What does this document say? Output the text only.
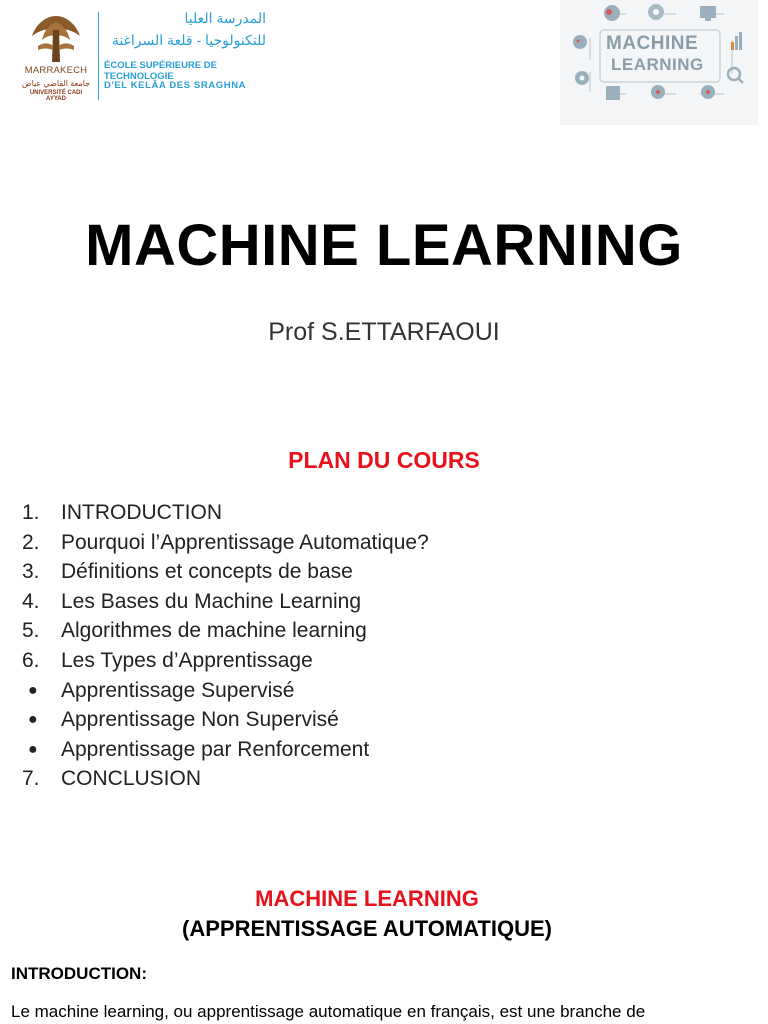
MARRAKECH
جامعة القاضي عياض
UNIVERSITÉ CADI AYYAD
المدرسة العليا
للتكنولوجيا - قلعة السراغنة
ÉCOLE SUPÉRIEURE DE TECHNOLOGIE
D'EL KELÂA DES SRAGHNA
MACHINE
LEARNING
MACHINE LEARNING
Prof S.ETTARFAOUI
PLAN DU COURS
1.	INTRODUCTION
2.	Pourquoi l’Apprentissage Automatique?
3.	Définitions et concepts de base
4.	Les Bases du Machine Learning
5.	Algorithmes de machine learning
6.	Les Types d’Apprentissage
● Apprentissage Supervisé
● Apprentissage Non Supervisé
● Apprentissage par Renforcement
7.	CONCLUSION
MACHINE LEARNING
(APPRENTISSAGE AUTOMATIQUE)
INTRODUCTION:
Le machine learning, ou apprentissage automatique en français, est une branche de
